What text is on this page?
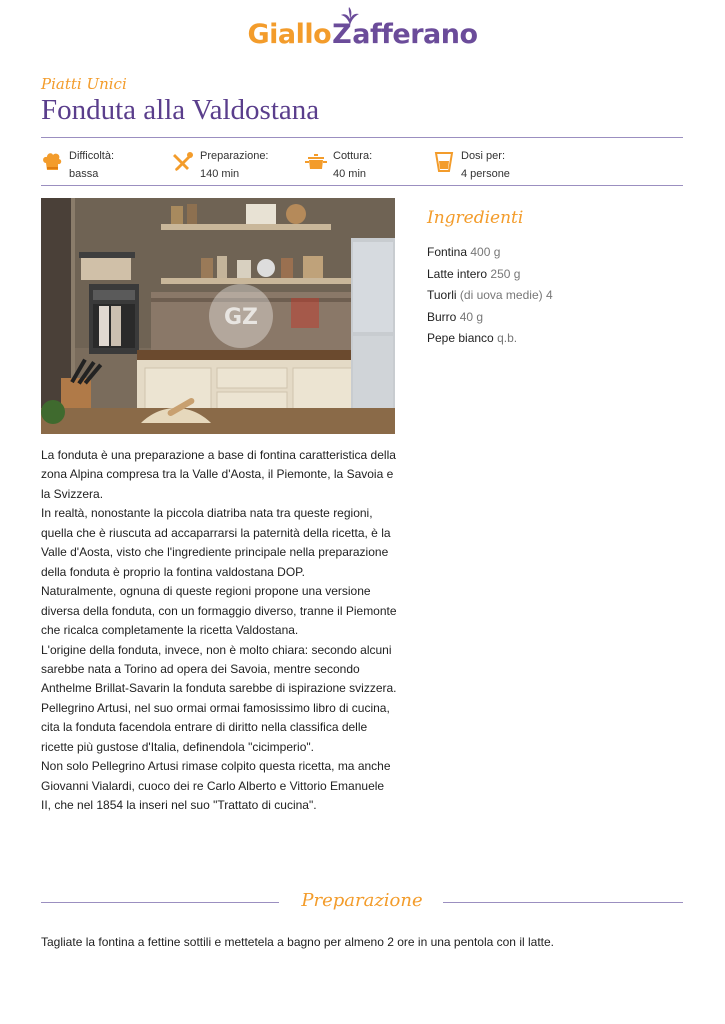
Giallo Z afferano
Piatti Unici
Fonduta alla Valdostana
Difficoltà:
bassa
Preparazione:
140 min
Cottura:
40 min
Dosi per:
4 persone
GZ
Ingredienti
Fontina 400 g
Latte intero 250 g
Tuorli (di uova medie) 4
Burro 40 g
Pepe bianco q.b.
La fonduta è una preparazione a base di fontina caratteristica della zona Alpina compresa tra la Valle d'Aosta, il Piemonte, la Savoia e la Svizzera.
In realtà, nonostante la piccola diatriba nata tra queste regioni, quella che è riuscuta ad accaparrarsi la paternità della ricetta, è la Valle d'Aosta, visto che l'ingrediente principale nella preparazione della fonduta è proprio la fontina valdostana DOP.
Naturalmente, ognuna di queste regioni propone una versione diversa della fonduta, con un formaggio diverso, tranne il Piemonte che ricalca completamente la ricetta Valdostana.
L'origine della fonduta, invece, non è molto chiara: secondo alcuni sarebbe nata a Torino ad opera dei Savoia, mentre secondo Anthelme Brillat-Savarin la fonduta sarebbe di ispirazione svizzera.
Pellegrino Artusi, nel suo ormai ormai famosissimo libro di cucina, cita la fonduta facendola entrare di diritto nella classifica delle ricette più gustose d'Italia, definendola "cicimperio".
Non solo Pellegrino Artusi rimase colpito questa ricetta, ma anche Giovanni Vialardi, cuoco dei re Carlo Alberto e Vittorio Emanuele II, che nel 1854 la inseri nel suo "Trattato di cucina".
Preparazione
Tagliate la fontina a fettine sottili e mettetela a bagno per almeno 2 ore in una pentola con il latte.
